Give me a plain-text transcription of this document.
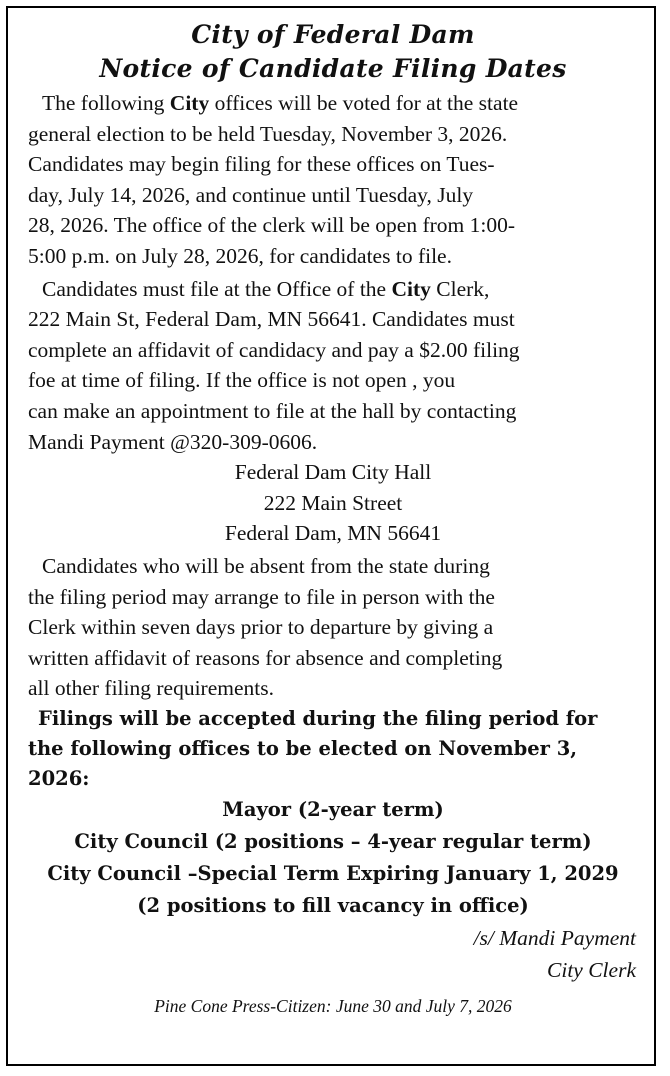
City of Federal Dam
Notice of Candidate Filing Dates

The following City offices will be voted for at the state

general election to be held Tuesday, November 3, 2026.

Candidates may begin filing for these offices on Tues-

day, July 14, 2026, and continue until Tuesday, July

28, 2026. The office of the clerk will be open from 1:00-

5:00 p.m. on July 28, 2026, for candidates to file.

Candidates must file at the Office of the City Clerk,

222 Main St, Federal Dam, MN 56641. Candidates must

complete an affidavit of candidacy and pay a $2.00 filing

foe at time of filing. If the office is not open , you

can make an appointment to file at the hall by contacting

Mandi Payment @320-309-0606.

Federal Dam City Hall
222 Main Street
Federal Dam, MN 56641

Candidates who will be absent from the state during

the filing period may arrange to file in person with the

Clerk within seven days prior to departure by giving a

written affidavit of reasons for absence and completing

all other filing requirements.

Filings will be accepted during the filing period for

the following offices to be elected on November 3,

2026:

Mayor (2-year term)
City Council (2 positions – 4-year regular term)
City Council –Special Term Expiring January 1, 2029
(2 positions to fill vacancy in office)
/s/ Mandi Payment
City Clerk
Pine Cone Press-Citizen: June 30 and July 7, 2026
